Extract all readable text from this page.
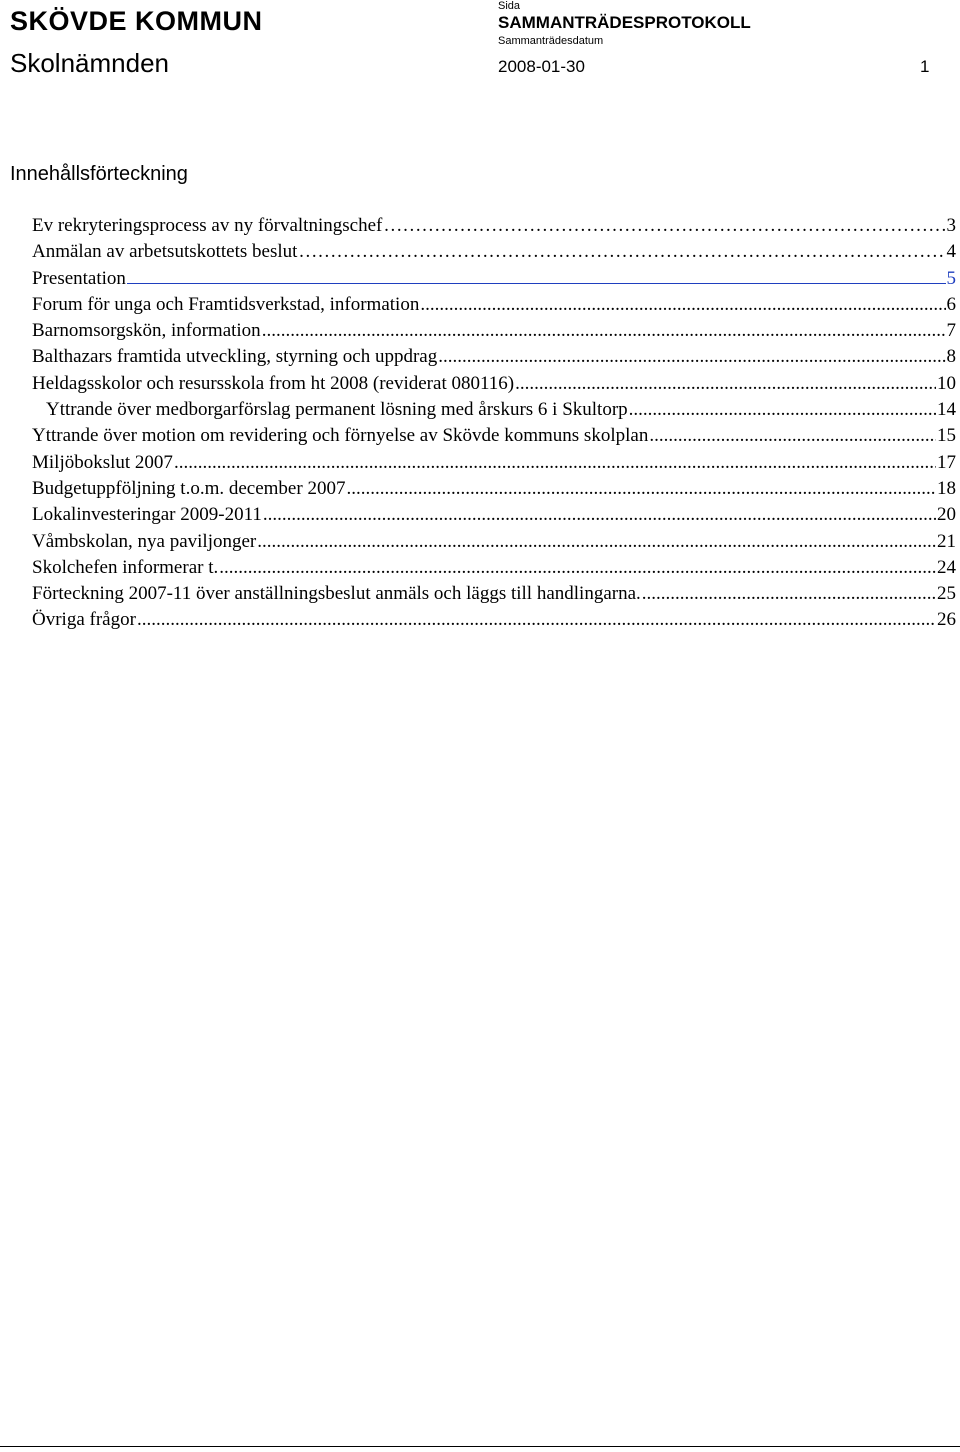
SKÖVDE KOMMUN	Sida
SAMMANTRÄDESPROTOKOLL
Sammanträdesdatum
Skolnämnden	2008-01-30	1
Innehållsförteckning
Ev rekryteringsprocess av ny förvaltningschef ……………………………………………………………………………………………………………………………………………………………………………………………………	3
Anmälan av arbetsutskottets beslut ……………………………………………………………………………………………………………………………………………………………………………………………………	4
Presentation	5
Forum för unga och Framtidsverkstad, information .....	6
Barnomsorgskön, information .....	7
Balthazars framtida utveckling, styrning och uppdrag .....	8
Heldagsskolor och resursskola from ht 2008 (reviderat 080116) .....	10
Yttrande över medborgarförslag permanent lösning med årskurs 6 i Skultorp .....	14
Yttrande över motion om revidering och förnyelse av Skövde kommuns skolplan .....	15
Miljöbokslut 2007 .....	17
Budgetuppföljning t.o.m. december 2007 .....	18
Lokalinvesteringar 2009-2011 .....	20
Våmbskolan, nya paviljonger .....	21
Skolchefen informerar t. .....	24
Förteckning 2007-11 över anställningsbeslut anmäls och läggs till handlingarna. .....	25
Övriga frågor .....	26
